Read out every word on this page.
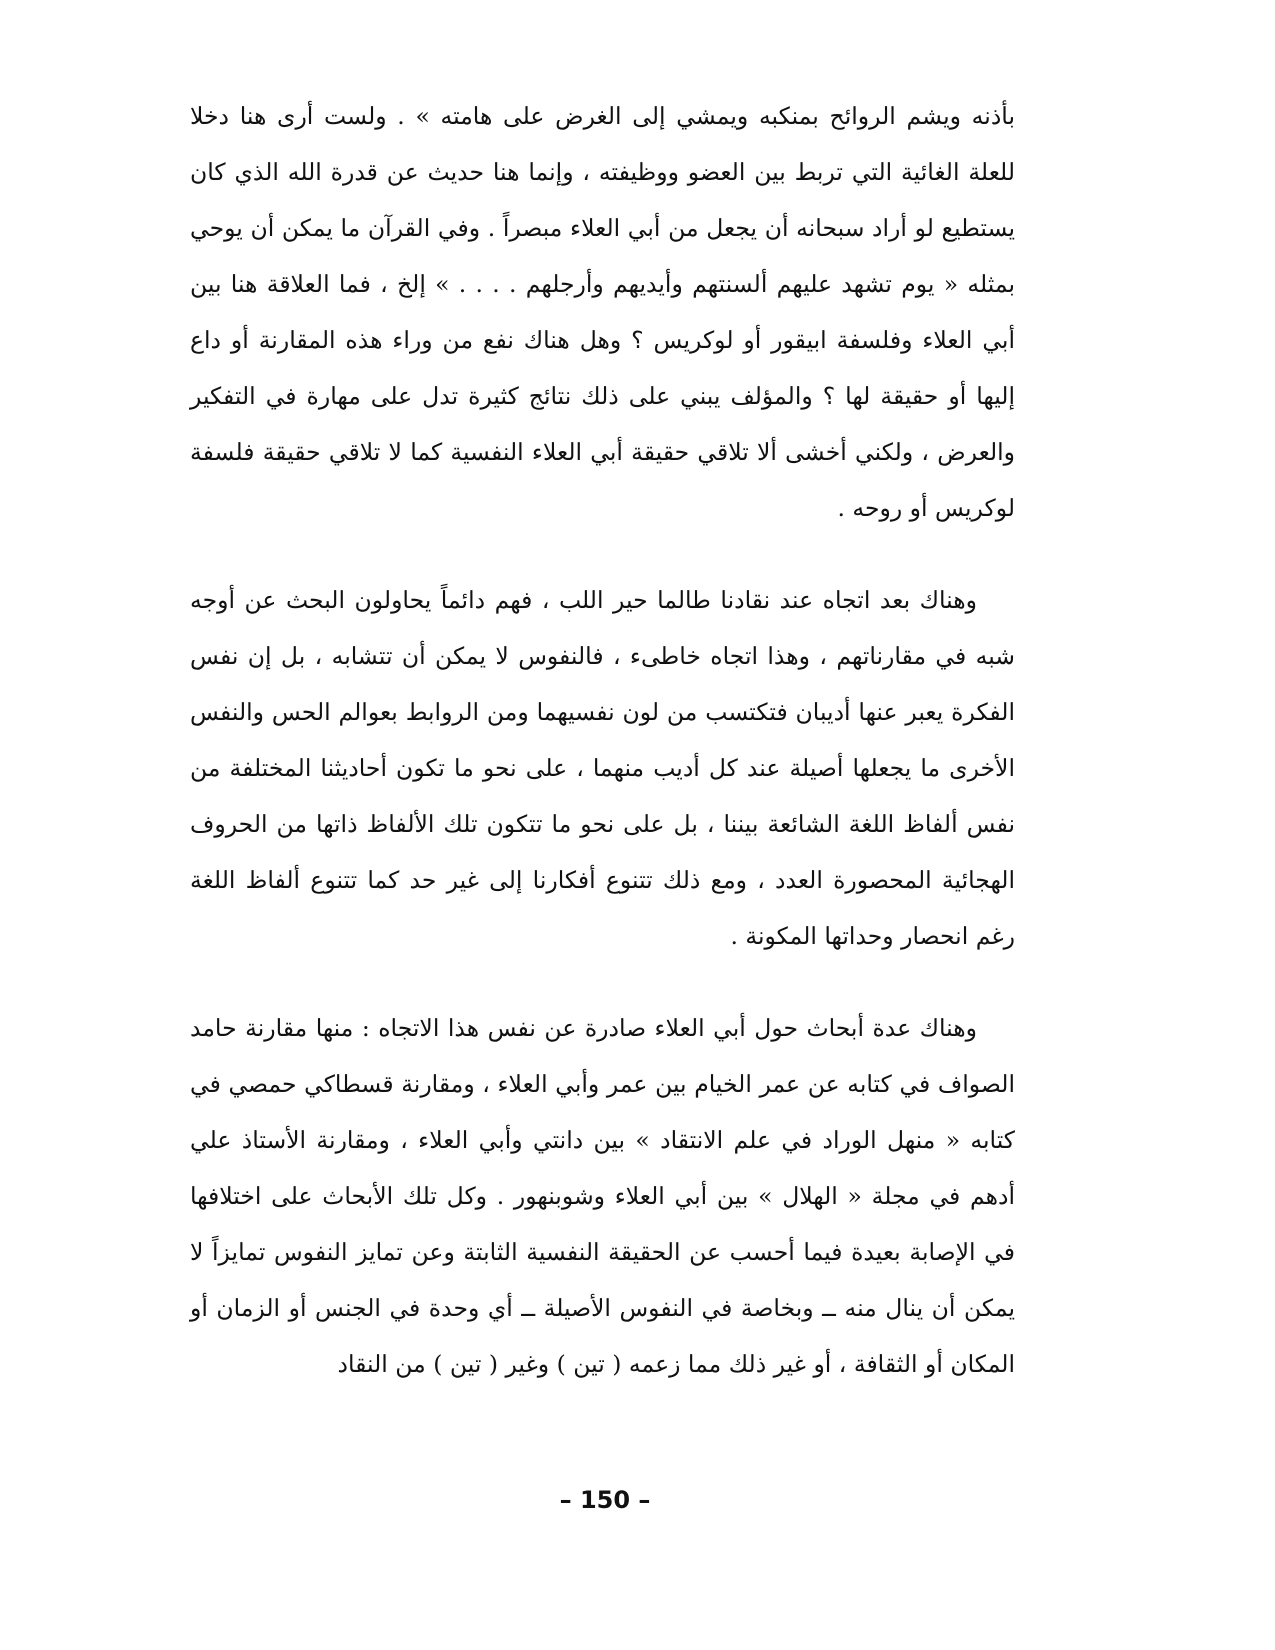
بأذنه ويشم الروائح بمنكبه ويمشي إلى الغرض على هامته » . ولست أرى هنا دخلا للعلة الغائية التي تربط بين العضو ووظيفته ، وإنما هنا حديث عن قدرة الله الذي كان يستطيع لو أراد سبحانه أن يجعل من أبي العلاء مبصراً . وفي القرآن ما يمكن أن يوحي بمثله « يوم تشهد عليهم ألسنتهم وأيديهم وأرجلهم . . . . » إلخ ، فما العلاقة هنا بين أبي العلاء وفلسفة ابيقور أو لوكريس ؟ وهل هناك نفع من وراء هذه المقارنة أو داع إليها أو حقيقة لها ؟ والمؤلف يبني على ذلك نتائج كثيرة تدل على مهارة في التفكير والعرض ، ولكني أخشى ألا تلاقي حقيقة أبي العلاء النفسية كما لا تلاقي حقيقة فلسفة لوكريس أو روحه .

وهناك بعد اتجاه عند نقادنا طالما حير اللب ، فهم دائماً يحاولون البحث عن أوجه شبه في مقارناتهم ، وهذا اتجاه خاطىء ، فالنفوس لا يمكن أن تتشابه ، بل إن نفس الفكرة يعبر عنها أديبان فتكتسب من لون نفسيهما ومن الروابط بعوالم الحس والنفس الأخرى ما يجعلها أصيلة عند كل أديب منهما ، على نحو ما تكون أحاديثنا المختلفة من نفس ألفاظ اللغة الشائعة بيننا ، بل على نحو ما تتكون تلك الألفاظ ذاتها من الحروف الهجائية المحصورة العدد ، ومع ذلك تتنوع أفكارنا إلى غير حد كما تتنوع ألفاظ اللغة رغم انحصار وحداتها المكونة .

وهناك عدة أبحاث حول أبي العلاء صادرة عن نفس هذا الاتجاه : منها مقارنة حامد الصواف في كتابه عن عمر الخيام بين عمر وأبي العلاء ، ومقارنة قسطاكي حمصي في كتابه « منهل الوراد في علم الانتقاد » بين دانتي وأبي العلاء ، ومقارنة الأستاذ علي أدهم في مجلة « الهلال » بين أبي العلاء وشوبنهور . وكل تلك الأبحاث على اختلافها في الإصابة بعيدة فيما أحسب عن الحقيقة النفسية الثابتة وعن تمايز النفوس تمايزاً لا يمكن أن ينال منه ــ وبخاصة في النفوس الأصيلة ــ أي وحدة في الجنس أو الزمان أو المكان أو الثقافة ، أو غير ذلك مما زعمه ( تين ) وغير ( تين ) من النقاد

– 150 –
